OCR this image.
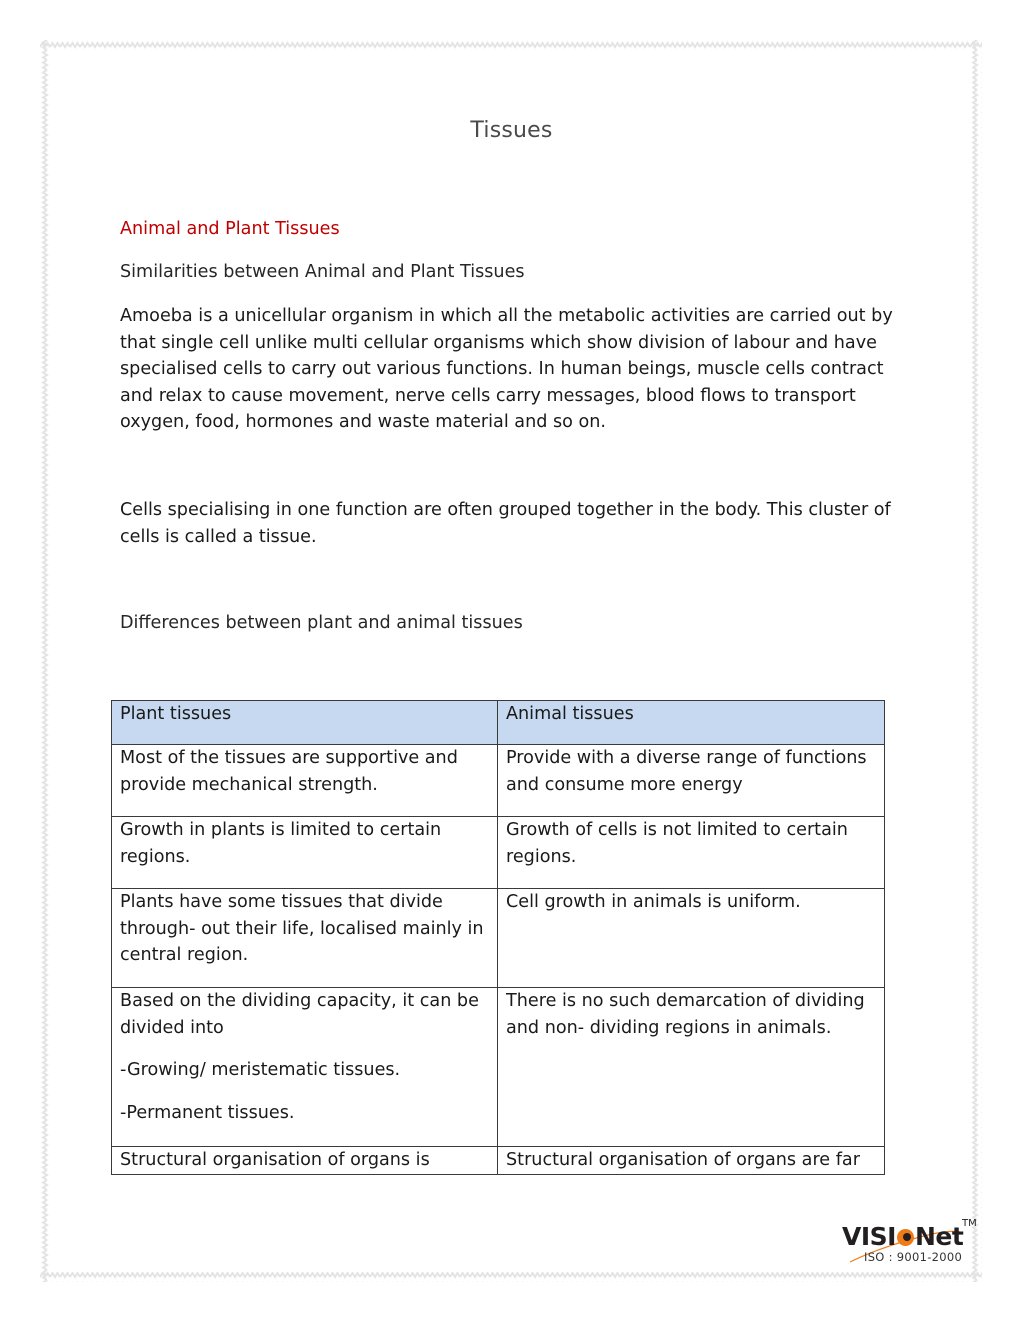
Tissues

Animal and Plant Tissues

Similarities between Animal and Plant Tissues

Amoeba is a unicellular organism in which all the metabolic activities are carried out by that single cell unlike multi cellular organisms which show division of labour and have specialised cells to carry out various functions. In human beings, muscle cells contract and relax to cause movement, nerve cells carry messages, blood flows to transport oxygen, food, hormones and waste material and so on.

Cells specialising in one function are often grouped together in the body. This cluster of cells is called a tissue.

Differences between plant and animal tissues

Plant tissues	Animal tissues

Most of the tissues are supportive and provide mechanical strength.	Provide with a diverse range of functions and consume more energy

Growth in plants is limited to certain regions.	Growth of cells is not limited to certain regions.

Plants have some tissues that divide through- out their life, localised mainly in central region.	Cell growth in animals is uniform.

Based on the dividing capacity, it can be divided into
-Growing/ meristematic tissues.
-Permanent tissues.	There is no such demarcation of dividing and non- dividing regions in animals.

Structural organisation of organs is	Structural organisation of organs are far
VISI Net
TM
ISO : 9001-2000
